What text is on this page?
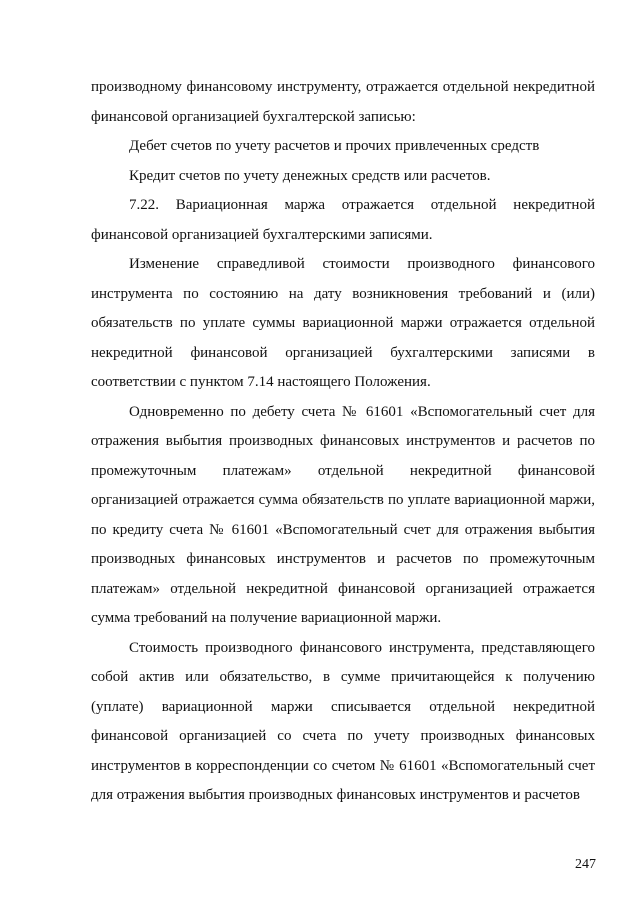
производному финансовому инструменту, отражается отдельной некредитной финансовой организацией бухгалтерской записью:

Дебет счетов по учету расчетов и прочих привлеченных средств

Кредит счетов по учету денежных средств или расчетов.

7.22. Вариационная маржа отражается отдельной некредитной финансовой организацией бухгалтерскими записями.

Изменение справедливой стоимости производного финансового инструмента по состоянию на дату возникновения требований и (или) обязательств по уплате суммы вариационной маржи отражается отдельной некредитной финансовой организацией бухгалтерскими записями в соответствии с пунктом 7.14 настоящего Положения.

Одновременно по дебету счета № 61601 «Вспомогательный счет для отражения выбытия производных финансовых инструментов и расчетов по промежуточным платежам» отдельной некредитной финансовой организацией отражается сумма обязательств по уплате вариационной маржи, по кредиту счета № 61601 «Вспомогательный счет для отражения выбытия производных финансовых инструментов и расчетов по промежуточным платежам» отдельной некредитной финансовой организацией отражается сумма требований на получение вариационной маржи.

Стоимость производного финансового инструмента, представляющего собой актив или обязательство, в сумме причитающейся к получению (уплате) вариационной маржи списывается отдельной некредитной финансовой организацией со счета по учету производных финансовых инструментов в корреспонденции со счетом № 61601 «Вспомогательный счет для отражения выбытия производных финансовых инструментов и расчетов

247
